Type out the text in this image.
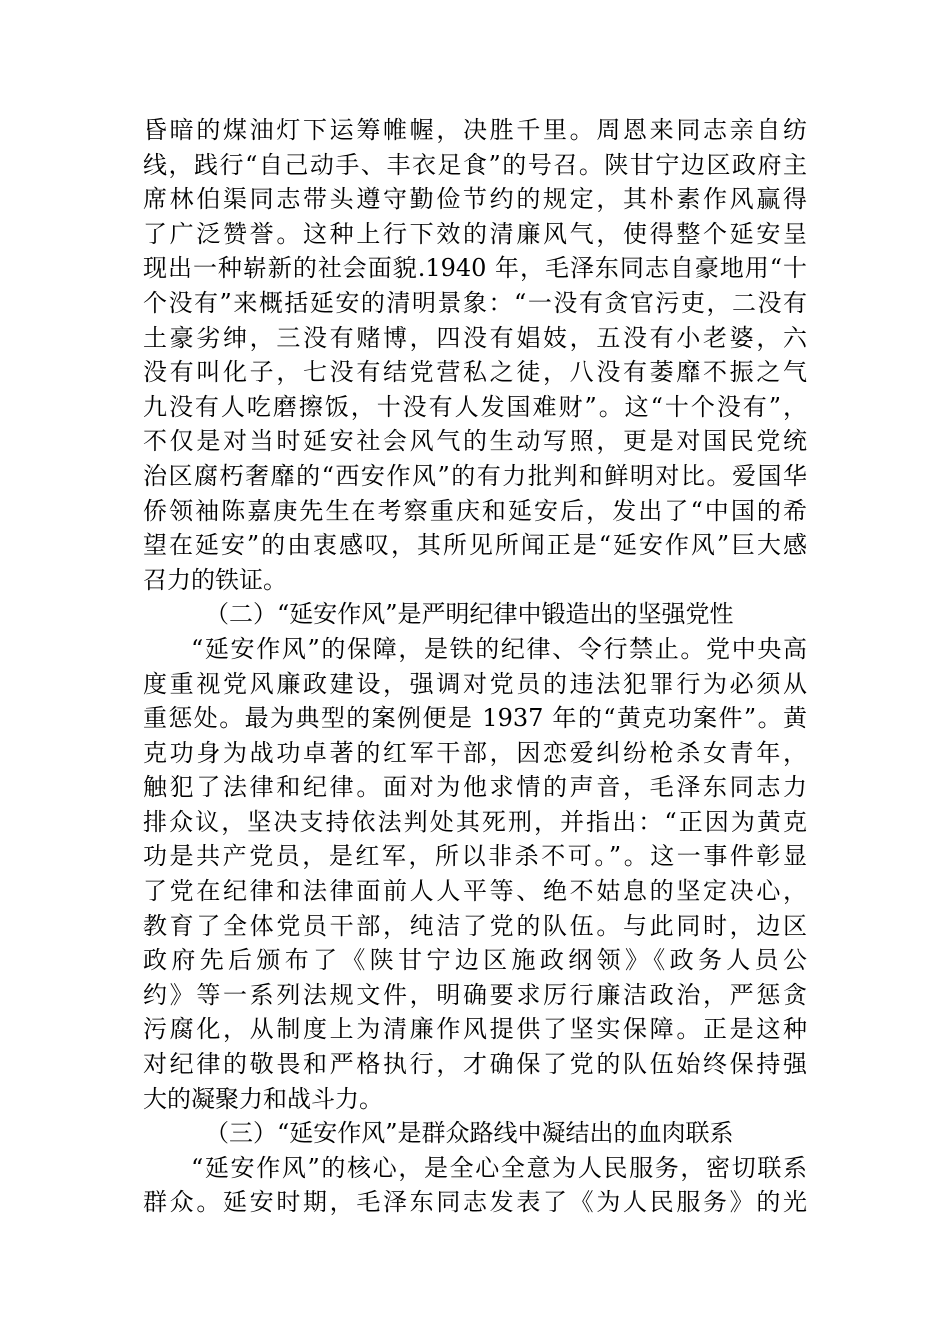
昏暗的煤油灯下运筹帷幄，决胜千里。周恩来同志亲自纺
线，践行“自己动手、丰衣足食”的号召。陕甘宁边区政府主
席林伯渠同志带头遵守勤俭节约的规定，其朴素作风赢得
了广泛赞誉。这种上行下效的清廉风气，使得整个延安呈
现出一种崭新的社会面貌.1940 年，毛泽东同志自豪地用“十
个没有”来概括延安的清明景象：“一没有贪官污吏，二没有
土豪劣绅，三没有赌博，四没有娼妓，五没有小老婆，六
没有叫化子，七没有结党营私之徒，八没有萎靡不振之气
九没有人吃磨擦饭，十没有人发国难财”。这“十个没有”，
不仅是对当时延安社会风气的生动写照，更是对国民党统
治区腐朽奢靡的“西安作风”的有力批判和鲜明对比。爱国华
侨领袖陈嘉庚先生在考察重庆和延安后，发出了“中国的希
望在延安”的由衷感叹，其所见所闻正是“延安作风”巨大感
召力的铁证。
（二）“延安作风”是严明纪律中锻造出的坚强党性
“延安作风”的保障，是铁的纪律、令行禁止。党中央高
度重视党风廉政建设，强调对党员的违法犯罪行为必须从
重惩处。最为典型的案例便是 1937 年的“黄克功案件”。黄
克功身为战功卓著的红军干部，因恋爱纠纷枪杀女青年，
触犯了法律和纪律。面对为他求情的声音，毛泽东同志力
排众议，坚决支持依法判处其死刑，并指出：“正因为黄克
功是共产党员，是红军，所以非杀不可。”。这一事件彰显
了党在纪律和法律面前人人平等、绝不姑息的坚定决心，
教育了全体党员干部，纯洁了党的队伍。与此同时，边区
政府先后颁布了《陕甘宁边区施政纲领》《政务人员公
约》等一系列法规文件，明确要求厉行廉洁政治，严惩贪
污腐化，从制度上为清廉作风提供了坚实保障。正是这种
对纪律的敬畏和严格执行，才确保了党的队伍始终保持强
大的凝聚力和战斗力。
（三）“延安作风”是群众路线中凝结出的血肉联系
“延安作风”的核心，是全心全意为人民服务，密切联系
群众。延安时期，毛泽东同志发表了《为人民服务》的光
